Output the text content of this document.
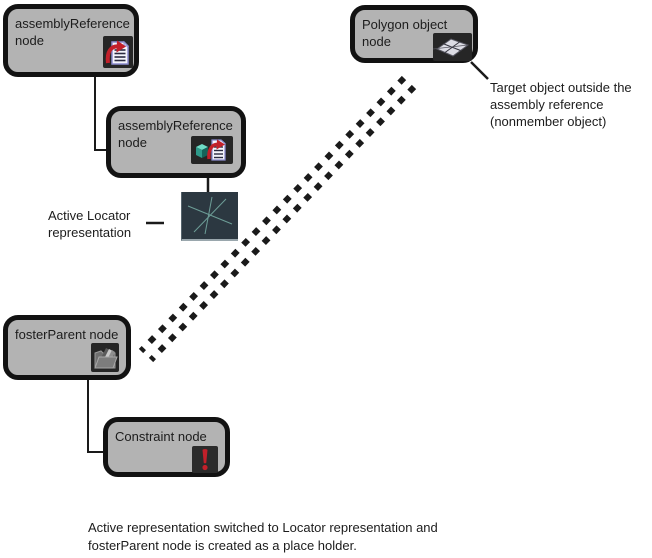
assemblyReference node
assemblyReference node
Polygon object node
fosterParent node
Constraint node
Active Locator
representation
Target object outside the
assembly reference
(nonmember object)
Active representation switched to Locator representation and
fosterParent node is created as a place holder.
